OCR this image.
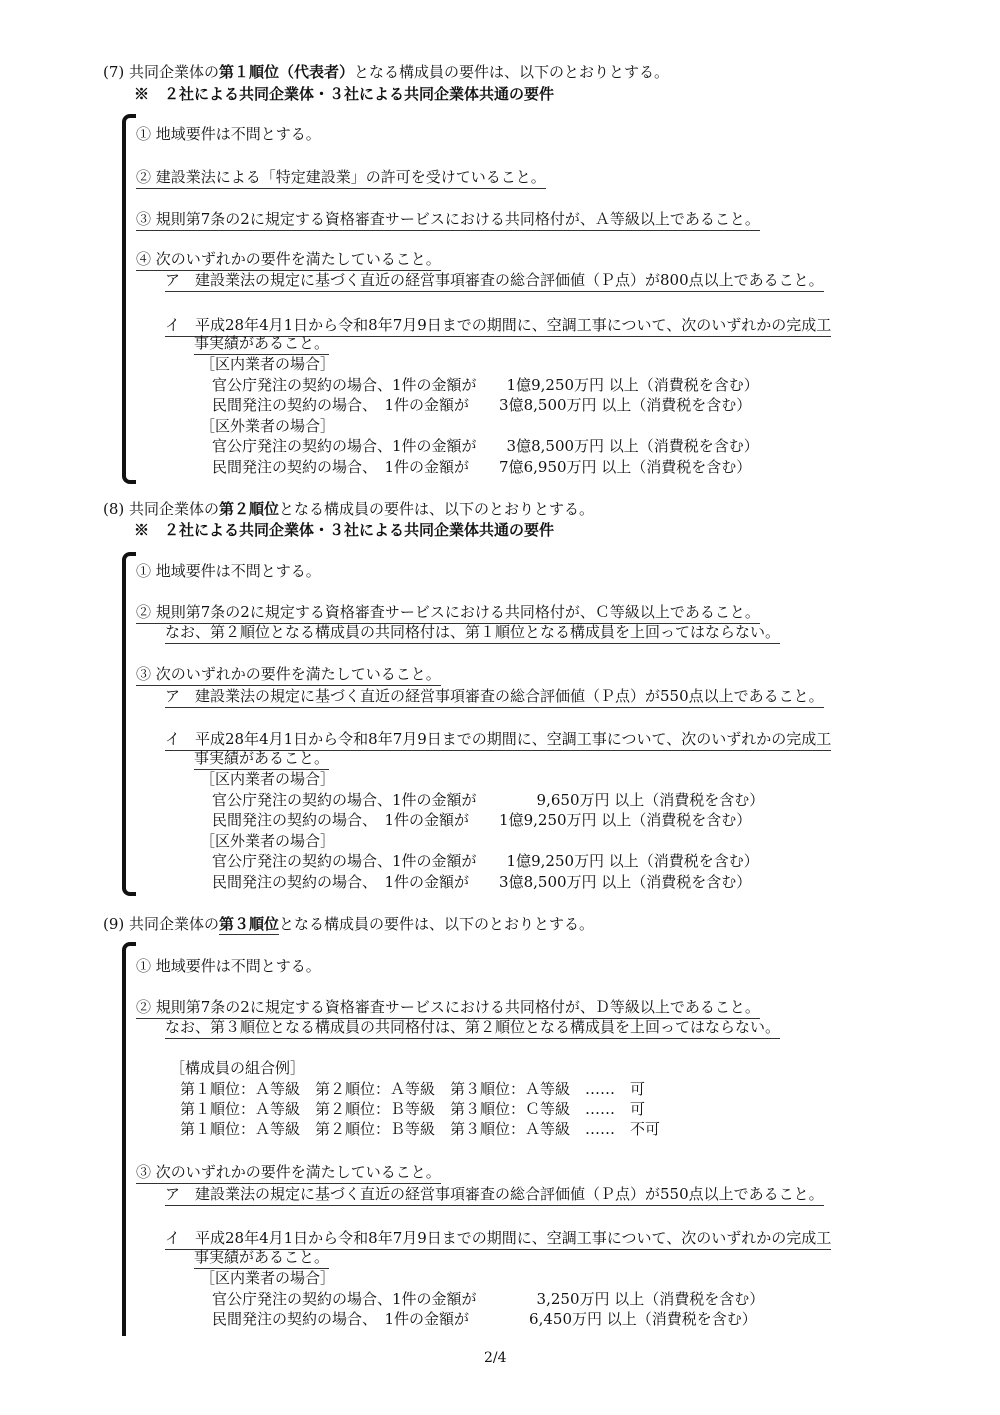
(7) 共同企業体の第１順位（代表者）となる構成員の要件は、以下のとおりとする。
※　２社による共同企業体・３社による共同企業体共通の要件
① 地域要件は不問とする。
② 建設業法による「特定建設業」の許可を受けていること。
③ 規則第7条の2に規定する資格審査サービスにおける共同格付が、Ａ等級以上であること。
④ 次のいずれかの要件を満たしていること。
ア　建設業法の規定に基づく直近の経営事項審査の総合評価値（Ｐ点）が800点以上であること。
イ　平成28年4月1日から令和8年7月9日までの期間に、空調工事について、次のいずれかの完成工
事実績があること。
［区内業者の場合］
官公庁発注の契約の場合、1件の金額が　　1億9,250万円 以上（消費税を含む）
民間発注の契約の場合、　1件の金額が　　3億8,500万円 以上（消費税を含む）
［区外業者の場合］
官公庁発注の契約の場合、1件の金額が　　3億8,500万円 以上（消費税を含む）
民間発注の契約の場合、　1件の金額が　　7億6,950万円 以上（消費税を含む）
(8) 共同企業体の第２順位となる構成員の要件は、以下のとおりとする。
※　２社による共同企業体・３社による共同企業体共通の要件
① 地域要件は不問とする。
② 規則第7条の2に規定する資格審査サービスにおける共同格付が、Ｃ等級以上であること。
なお、第２順位となる構成員の共同格付は、第１順位となる構成員を上回ってはならない。
③ 次のいずれかの要件を満たしていること。
ア　建設業法の規定に基づく直近の経営事項審査の総合評価値（Ｐ点）が550点以上であること。
イ　平成28年4月1日から令和8年7月9日までの期間に、空調工事について、次のいずれかの完成工
事実績があること。
［区内業者の場合］
官公庁発注の契約の場合、1件の金額が　　　　9,650万円 以上（消費税を含む）
民間発注の契約の場合、　1件の金額が　　1億9,250万円 以上（消費税を含む）
［区外業者の場合］
官公庁発注の契約の場合、1件の金額が　　1億9,250万円 以上（消費税を含む）
民間発注の契約の場合、　1件の金額が　　3億8,500万円 以上（消費税を含む）
(9) 共同企業体の第３順位となる構成員の要件は、以下のとおりとする。
① 地域要件は不問とする。
② 規則第7条の2に規定する資格審査サービスにおける共同格付が、Ｄ等級以上であること。
なお、第３順位となる構成員の共同格付は、第２順位となる構成員を上回ってはならない。
［構成員の組合例］
第１順位：Ａ等級　第２順位：Ａ等級　第３順位：Ａ等級　……　可
第１順位：Ａ等級　第２順位：Ｂ等級　第３順位：Ｃ等級　……　可
第１順位：Ａ等級　第２順位：Ｂ等級　第３順位：Ａ等級　……　不可
③ 次のいずれかの要件を満たしていること。
ア　建設業法の規定に基づく直近の経営事項審査の総合評価値（Ｐ点）が550点以上であること。
イ　平成28年4月1日から令和8年7月9日までの期間に、空調工事について、次のいずれかの完成工
事実績があること。
［区内業者の場合］
官公庁発注の契約の場合、1件の金額が　　　　3,250万円 以上（消費税を含む）
民間発注の契約の場合、　1件の金額が　　　　6,450万円 以上（消費税を含む）
2/4
